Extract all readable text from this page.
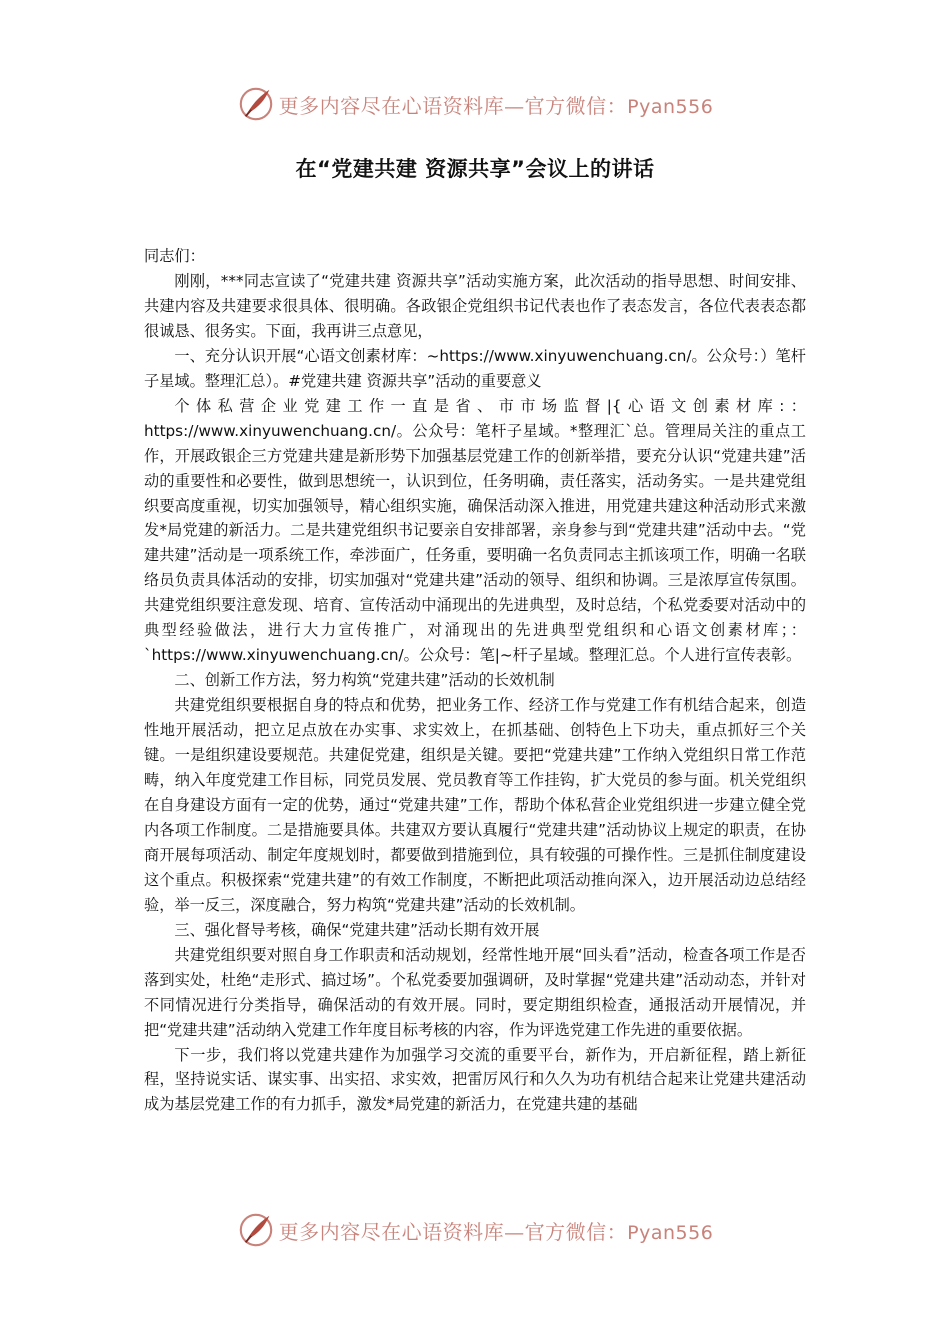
更多内容尽在心语资料库—官方微信：Pyan556
在“党建共建 资源共享”会议上的讲话

同志们：

刚刚，***同志宣读了“党建共建 资源共享”活动实施方案，此次活动的指导思想、时间安排、共建内容及共建要求很具体、很明确。各政银企党组织书记代表也作了表态发言，各位代表表态都很诚恳、很务实。下面，我再讲三点意见，

一、充分认识开展“心语文创素材库：~https://www.xinyuwenchuang.cn/。公众号：）笔杆子星域。整理汇总）。#党建共建 资源共享”活动的重要意义

个体私营企业党建工作一直是省、市市场监督|{心语文创素材库:：https://www.xinyuwenchuang.cn/。公众号：笔杆子星域。*整理汇`总。管理局关注的重点工作，开展政银企三方党建共建是新形势下加强基层党建工作的创新举措，要充分认识“党建共建”活动的重要性和必要性，做到思想统一，认识到位，任务明确，责任落实，活动务实。一是共建党组织要高度重视，切实加强领导，精心组织实施，确保活动深入推进，用党建共建这种活动形式来激发*局党建的新活力。二是共建党组织书记要亲自安排部署，亲身参与到“党建共建”活动中去。“党建共建”活动是一项系统工作，牵涉面广，任务重，要明确一名负责同志主抓该项工作，明确一名联络员负责具体活动的安排，切实加强对“党建共建”活动的领导、组织和协调。三是浓厚宣传氛围。共建党组织要注意发现、培育、宣传活动中涌现出的先进典型，及时总结，个私党委要对活动中的典型经验做法，进行大力宣传推广，对涌现出的先进典型党组织和心语文创素材库；：`https://www.xinyuwenchuang.cn/。公众号：笔|~杆子星域。整理汇总。个人进行宣传表彰。

二、创新工作方法，努力构筑“党建共建”活动的长效机制

共建党组织要根据自身的特点和优势，把业务工作、经济工作与党建工作有机结合起来，创造性地开展活动，把立足点放在办实事、求实效上，在抓基础、创特色上下功夫，重点抓好三个关键。一是组织建设要规范。共建促党建，组织是关键。要把“党建共建”工作纳入党组织日常工作范畴，纳入年度党建工作目标，同党员发展、党员教育等工作挂钩，扩大党员的参与面。机关党组织在自身建设方面有一定的优势，通过“党建共建”工作，帮助个体私营企业党组织进一步建立健全党内各项工作制度。二是措施要具体。共建双方要认真履行“党建共建”活动协议上规定的职责，在协商开展每项活动、制定年度规划时，都要做到措施到位，具有较强的可操作性。三是抓住制度建设这个重点。积极探索“党建共建”的有效工作制度，不断把此项活动推向深入，边开展活动边总结经验，举一反三，深度融合，努力构筑“党建共建”活动的长效机制。

三、强化督导考核，确保“党建共建”活动长期有效开展

共建党组织要对照自身工作职责和活动规划，经常性地开展“回头看”活动，检查各项工作是否落到实处，杜绝“走形式、搞过场”。个私党委要加强调研，及时掌握“党建共建”活动动态，并针对不同情况进行分类指导，确保活动的有效开展。同时，要定期组织检查，通报活动开展情况，并把“党建共建”活动纳入党建工作年度目标考核的内容，作为评选党建工作先进的重要依据。

下一步，我们将以党建共建作为加强学习交流的重要平台，新作为，开启新征程，踏上新征程，坚持说实话、谋实事、出实招、求实效，把雷厉风行和久久为功有机结合起来让党建共建活动成为基层党建工作的有力抓手，激发*局党建的新活力，在党建共建的基础

更多内容尽在心语资料库—官方微信：Pyan556
